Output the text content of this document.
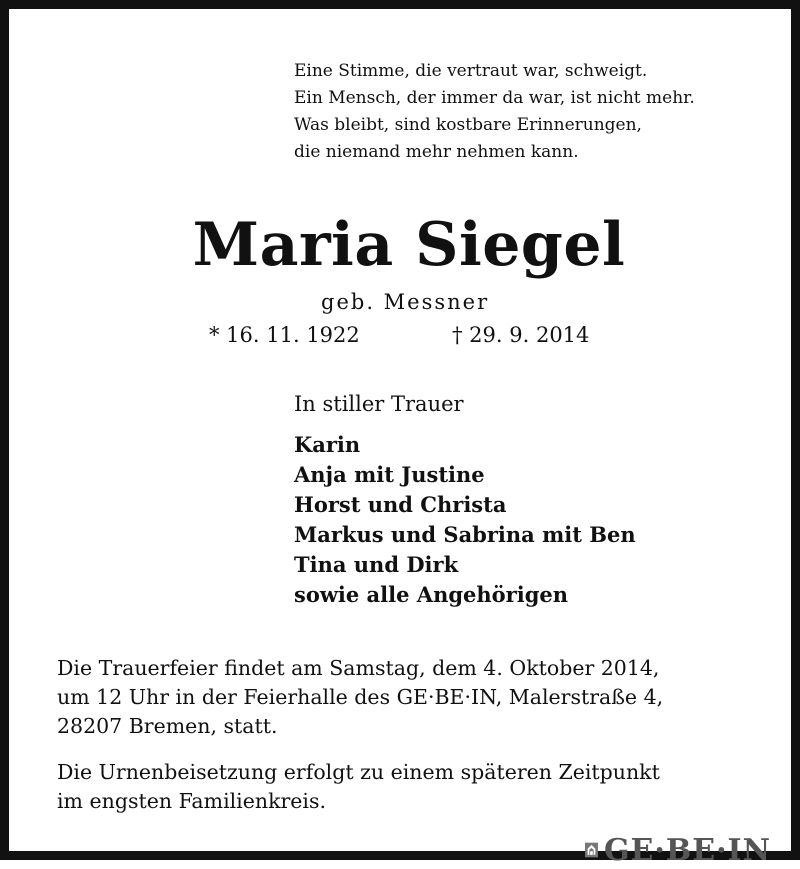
Eine Stimme, die vertraut war, schweigt.
Ein Mensch, der immer da war, ist nicht mehr.
Was bleibt, sind kostbare Erinnerungen,
die niemand mehr nehmen kann.
Maria Siegel
geb. Messner
* 16. 11. 1922	† 29. 9. 2014
In stiller Trauer
Karin
Anja mit Justine
Horst und Christa
Markus und Sabrina mit Ben
Tina und Dirk
sowie alle Angehörigen
Die Trauerfeier findet am Samstag, dem 4. Oktober 2014,
um 12 Uhr in der Feierhalle des GE·BE·IN, Malerstraße 4,
28207 Bremen, statt.
Die Urnenbeisetzung erfolgt zu einem späteren Zeitpunkt
im engsten Familienkreis.
GE·BE·IN
